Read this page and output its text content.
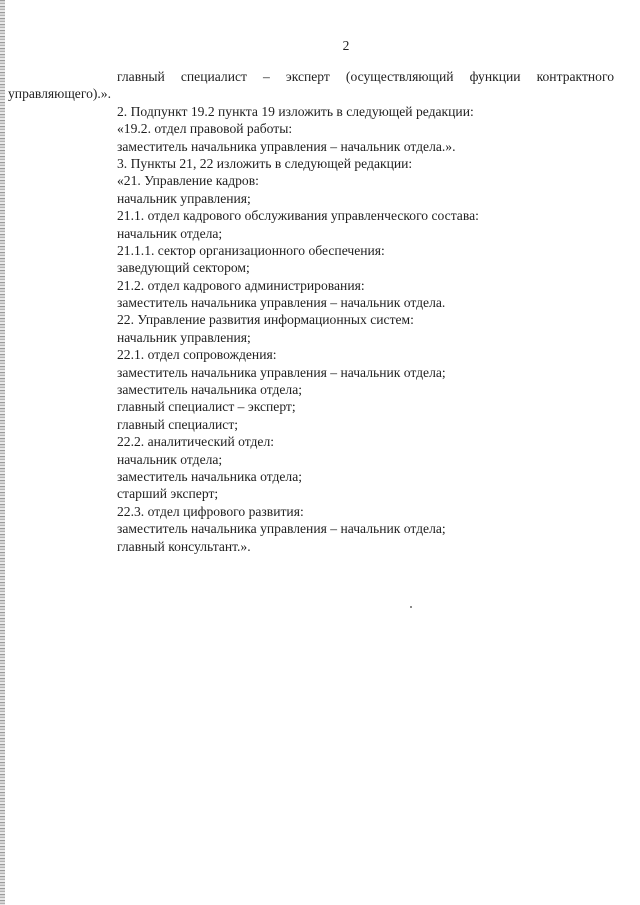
2
главный специалист – эксперт (осуществляющий функции контрактного
управляющего).».
2. Подпункт 19.2 пункта 19 изложить в следующей редакции:
«19.2. отдел правовой работы:
заместитель начальника управления – начальник отдела.».
3. Пункты 21, 22 изложить в следующей редакции:
«21. Управление кадров:
начальник управления;
21.1. отдел кадрового обслуживания управленческого состава:
начальник отдела;
21.1.1. сектор организационного обеспечения:
заведующий сектором;
21.2. отдел кадрового администрирования:
заместитель начальника управления – начальник отдела.
22. Управление развития информационных систем:
начальник управления;
22.1. отдел сопровождения:
заместитель начальника управления – начальник отдела;
заместитель начальника отдела;
главный специалист – эксперт;
главный специалист;
22.2. аналитический отдел:
начальник отдела;
заместитель начальника отдела;
старший эксперт;
22.3. отдел цифрового развития:
заместитель начальника управления – начальник отдела;
главный консультант.».
